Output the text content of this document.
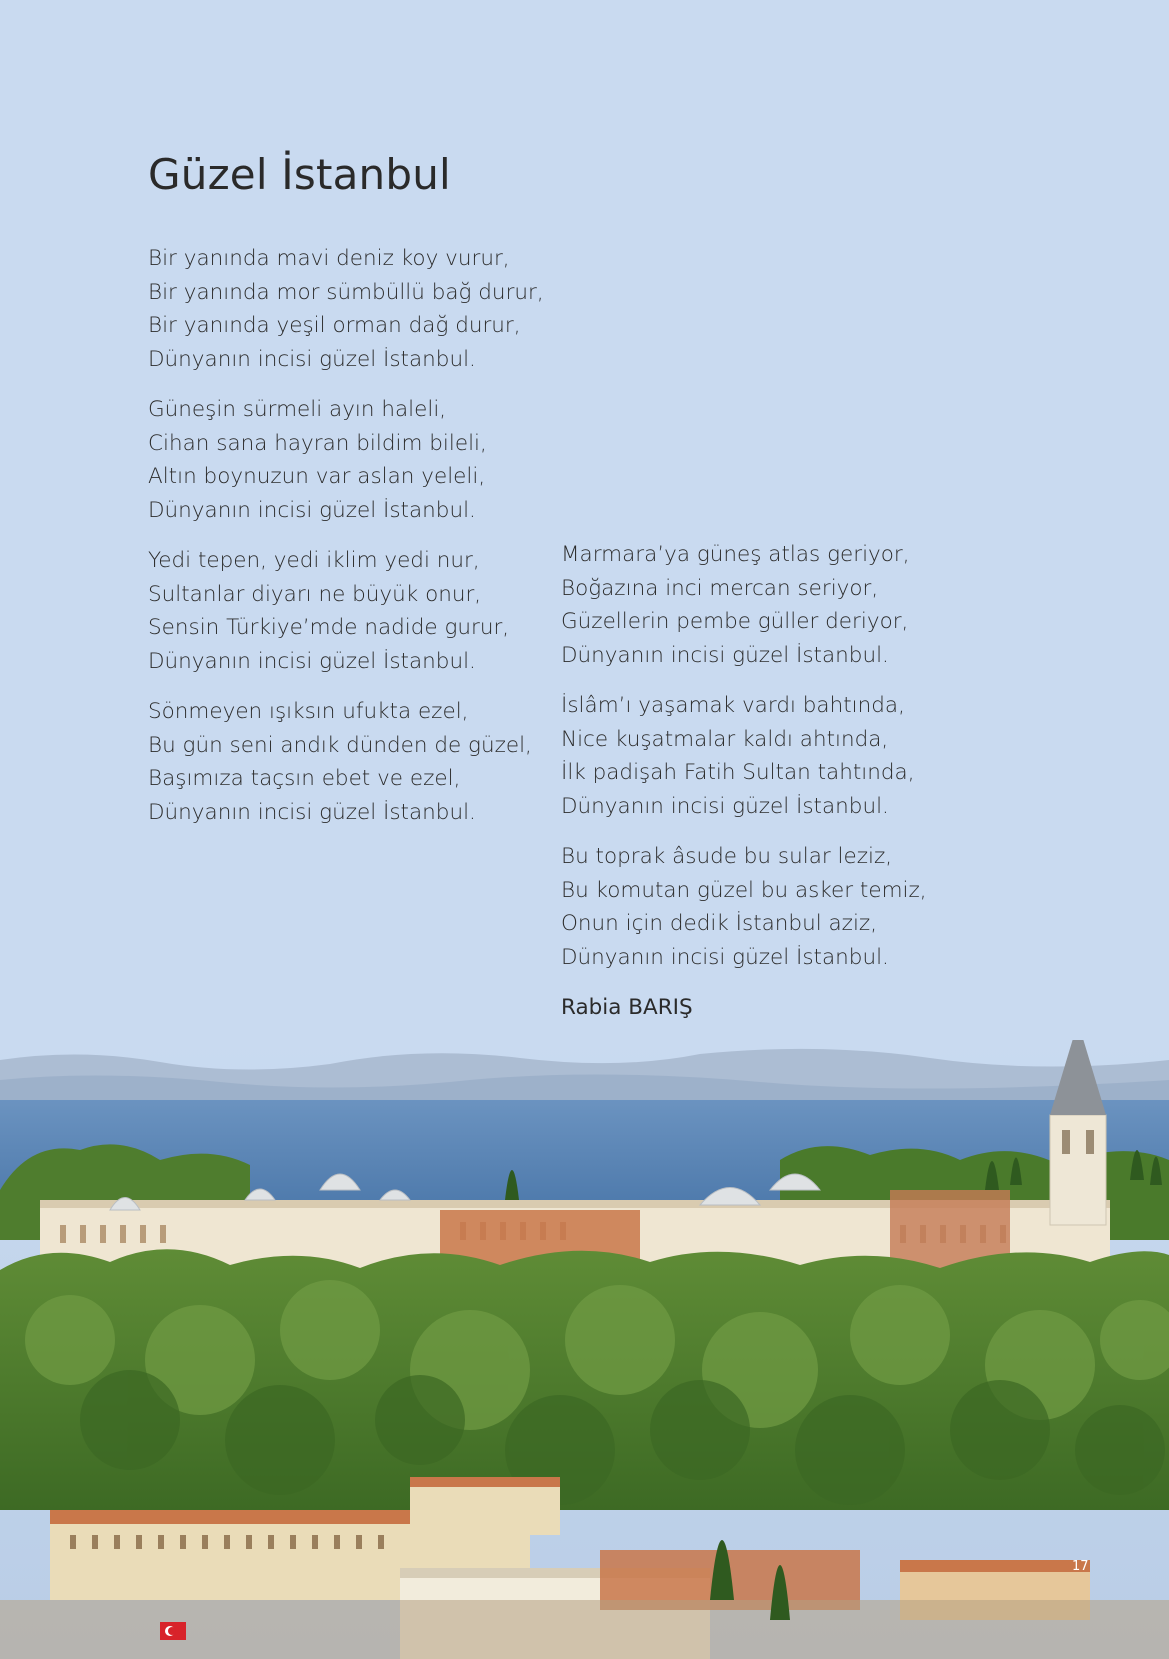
Güzel İstanbul
Bir yanında mavi deniz koy vurur,
Bir yanında mor sümbüllü bağ durur,
Bir yanında yeşil orman dağ durur,
Dünyanın incisi güzel İstanbul.
Güneşin sürmeli ayın haleli,
Cihan sana hayran bildim bileli,
Altın boynuzun var aslan yeleli,
Dünyanın incisi güzel İstanbul.
Yedi tepen, yedi iklim yedi nur,
Sultanlar diyarı ne büyük onur,
Sensin Türkiye’mde nadide gurur,
Dünyanın incisi güzel İstanbul.
Sönmeyen ışıksın ufukta ezel,
Bu gün seni andık dünden de güzel,
Başımıza taçsın ebet ve ezel,
Dünyanın incisi güzel İstanbul.
Marmara’ya güneş atlas geriyor,
Boğazına inci mercan seriyor,
Güzellerin pembe güller deriyor,
Dünyanın incisi güzel İstanbul.
İslâm’ı yaşamak vardı bahtında,
Nice kuşatmalar kaldı ahtında,
İlk padişah Fatih Sultan tahtında,
Dünyanın incisi güzel İstanbul.
Bu toprak âsude bu sular leziz,
Bu komutan güzel bu asker temiz,
Onun için dedik İstanbul aziz,
Dünyanın incisi güzel İstanbul.
Rabia BARIŞ
17
